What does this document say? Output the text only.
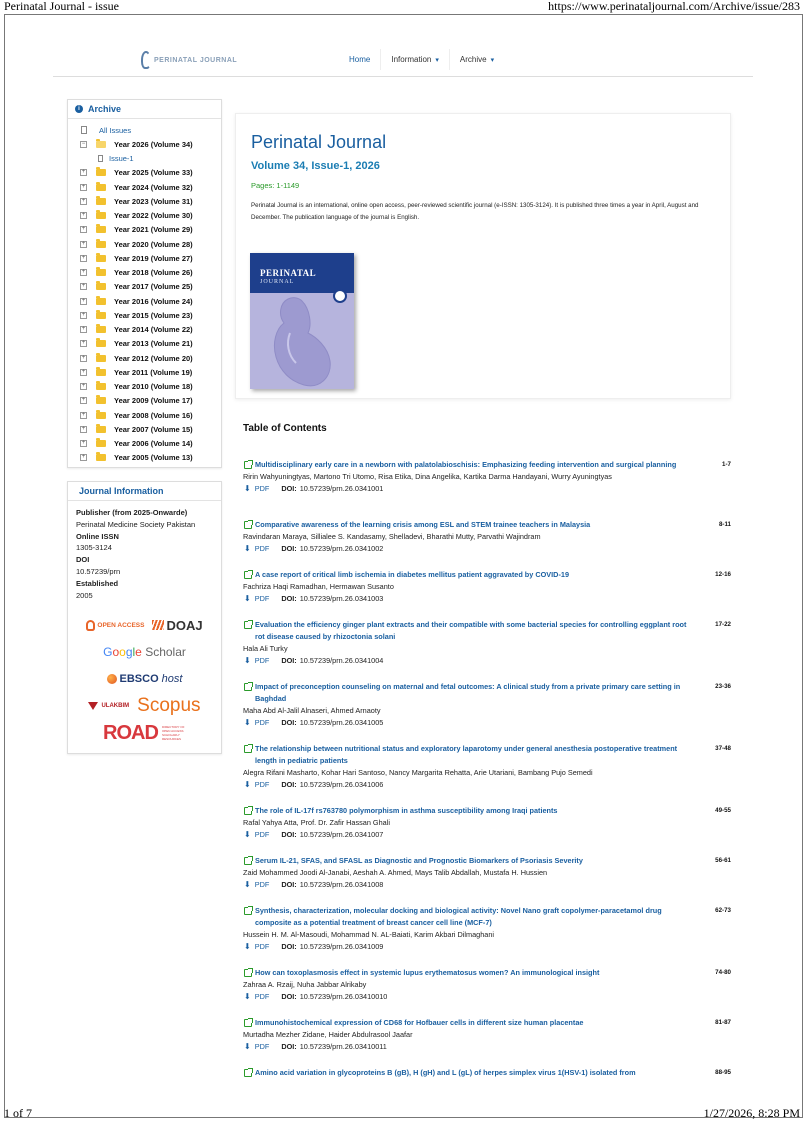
Perinatal Journal - issue	https://www.perinataljournal.com/Archive/issue/283
PERINATAL JOURNAL	Home	Information ▾	Archive ▾
i Archive
All Issues
−	Year 2026 (Volume 34)
Issue-1
+	Year 2025 (Volume 33)
+	Year 2024 (Volume 32)
+	Year 2023 (Volume 31)
+	Year 2022 (Volume 30)
+	Year 2021 (Volume 29)
+	Year 2020 (Volume 28)
+	Year 2019 (Volume 27)
+	Year 2018 (Volume 26)
+	Year 2017 (Volume 25)
+	Year 2016 (Volume 24)
+	Year 2015 (Volume 23)
+	Year 2014 (Volume 22)
+	Year 2013 (Volume 21)
+	Year 2012 (Volume 20)
+	Year 2011 (Volume 19)
+	Year 2010 (Volume 18)
+	Year 2009 (Volume 17)
+	Year 2008 (Volume 16)
+	Year 2007 (Volume 15)
+	Year 2006 (Volume 14)
+	Year 2005 (Volume 13)
Journal Information
Publisher (from 2025-Onwarde)
Perinatal Medicine Society Pakistan
Online ISSN
1305-3124
DOI
10.57239/prn
Established
2005
OPEN ACCESS DOAJ
Google Scholar
EBSCO host
ULAKBIM Scopus
ROAD DIRECTORY OF OPEN ACCESS SCHOLARLY RESOURCES
Perinatal Journal
Volume 34, Issue-1, 2026
Pages: 1-1149
Perinatal Journal is an international, online open access, peer-reviewed scientific journal (e-ISSN: 1305-3124). It is published three times a year in April, August and December. The publication language of the journal is English.
PERINATAL
JOURNAL
Table of Contents
Multidisciplinary early care in a newborn with palatolabioschisis: Emphasizing feeding intervention and surgical planning	1-7
Ririn Wahyuningtyas, Martono Tri Utomo, Risa Etika, Dina Angelika, Kartika Darma Handayani, Wurry Ayuningtyas
⬇ PDF DOI: 10.57239/prn.26.0341001
Comparative awareness of the learning crisis among ESL and STEM trainee teachers in Malaysia	8-11
Ravindaran Maraya, Sillialee S. Kandasamy, Shelladevi, Bharathi Mutty, Parvathi Wajindram
⬇ PDF DOI: 10.57239/prn.26.0341002
A case report of critical limb ischemia in diabetes mellitus patient aggravated by COVID-19	12-16
Fachriza Haqi Ramadhan, Hermawan Susanto
⬇ PDF DOI: 10.57239/prn.26.0341003
Evaluation the efficiency ginger plant extracts and their compatible with some bacterial species for controlling eggplant root rot disease caused by rhizoctonia solani
17-22
Hala Ali Turky
⬇ PDF DOI: 10.57239/prn.26.0341004
Impact of preconception counseling on maternal and fetal outcomes: A clinical study from a private primary care setting in Baghdad
23-36
Maha Abd Al-Jalil Alnaseri, Ahmed Arnaoty
⬇ PDF DOI: 10.57239/prn.26.0341005
The relationship between nutritional status and exploratory laparotomy under general anesthesia postoperative treatment length in pediatric patients
37-48
Alegra Rifani Masharto, Kohar Hari Santoso, Nancy Margarita Rehatta, Arie Utariani, Bambang Pujo Semedi
⬇ PDF DOI: 10.57239/prn.26.0341006
The role of IL-17f rs763780 polymorphism in asthma susceptibility among Iraqi patients	49-55
Rafal Yahya Atta, Prof. Dr. Zafir Hassan Ghali
⬇ PDF DOI: 10.57239/prn.26.0341007
Serum IL-21, SFAS, and SFASL as Diagnostic and Prognostic Biomarkers of Psoriasis Severity	56-61
Zaid Mohammed Joodi Al-Janabi, Aeshah A. Ahmed, Mays Talib Abdallah, Mustafa H. Hussien
⬇ PDF DOI: 10.57239/prn.26.0341008
Synthesis, characterization, molecular docking and biological activity: Novel Nano graft copolymer-paracetamol drug composite as a potential treatment of breast cancer cell line (MCF-7)
62-73
Hussein H. M. Al-Masoudi, Mohammad N. AL-Baiati, Karim Akbari Dilmaghani
⬇ PDF DOI: 10.57239/prn.26.0341009
How can toxoplasmosis effect in systemic lupus erythematosus women? An immunological insight	74-80
Zahraa A. Rzaij, Nuha Jabbar Alrikaby
⬇ PDF DOI: 10.57239/prn.26.03410010
Immunohistochemical expression of CD68 for Hofbauer cells in different size human placentae	81-87
Murtadha Mezher Zidane, Haider Abdulrasool Jaafar
⬇ PDF DOI: 10.57239/prn.26.03410011
Amino acid variation in glycoproteins B (gB), H (gH) and L (gL) of herpes simplex virus 1(HSV-1) isolated from	88-95
1 of 7	1/27/2026, 8:28 PM
